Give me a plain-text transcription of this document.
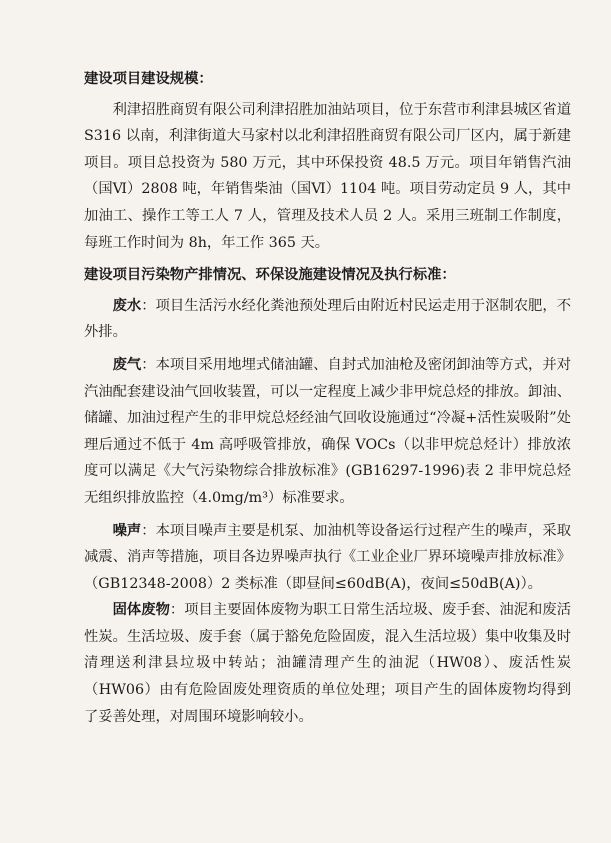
建设项目建设规模：

利津招胜商贸有限公司利津招胜加油站项目，位于东营市利津县城区省道 S316 以南，利津街道大马家村以北利津招胜商贸有限公司厂区内，属于新建项目。项目总投资为 580 万元，其中环保投资 48.5 万元。项目年销售汽油（国Ⅵ）2808 吨，年销售柴油（国Ⅵ）1104 吨。项目劳动定员 9 人，其中加油工、操作工等工人 7 人，管理及技术人员 2 人。采用三班制工作制度，每班工作时间为 8h，年工作 365 天。

建设项目污染物产排情况、环保设施建设情况及执行标准：

废水：项目生活污水经化粪池预处理后由附近村民运走用于沤制农肥，不外排。

废气：本项目采用地埋式储油罐、自封式加油枪及密闭卸油等方式，并对汽油配套建设油气回收装置，可以一定程度上减少非甲烷总烃的排放。卸油、储罐、加油过程产生的非甲烷总烃经油气回收设施通过“冷凝+活性炭吸附”处理后通过不低于 4m 高呼吸管排放，确保 VOCs（以非甲烷总烃计）排放浓度可以满足《大气污染物综合排放标准》(GB16297-1996)表 2 非甲烷总烃无组织排放监控（4.0mg/m³）标准要求。

噪声：本项目噪声主要是机泵、加油机等设备运行过程产生的噪声，采取减震、消声等措施，项目各边界噪声执行《工业企业厂界环境噪声排放标准》（GB12348-2008）2 类标准（即昼间≤60dB(A)，夜间≤50dB(A)）。

固体废物：项目主要固体废物为职工日常生活垃圾、废手套、油泥和废活性炭。生活垃圾、废手套（属于豁免危险固废，混入生活垃圾）集中收集及时清理送利津县垃圾中转站；油罐清理产生的油泥（HW08）、废活性炭（HW06）由有危险固废处理资质的单位处理；项目产生的固体废物均得到了妥善处理，对周围环境影响较小。
